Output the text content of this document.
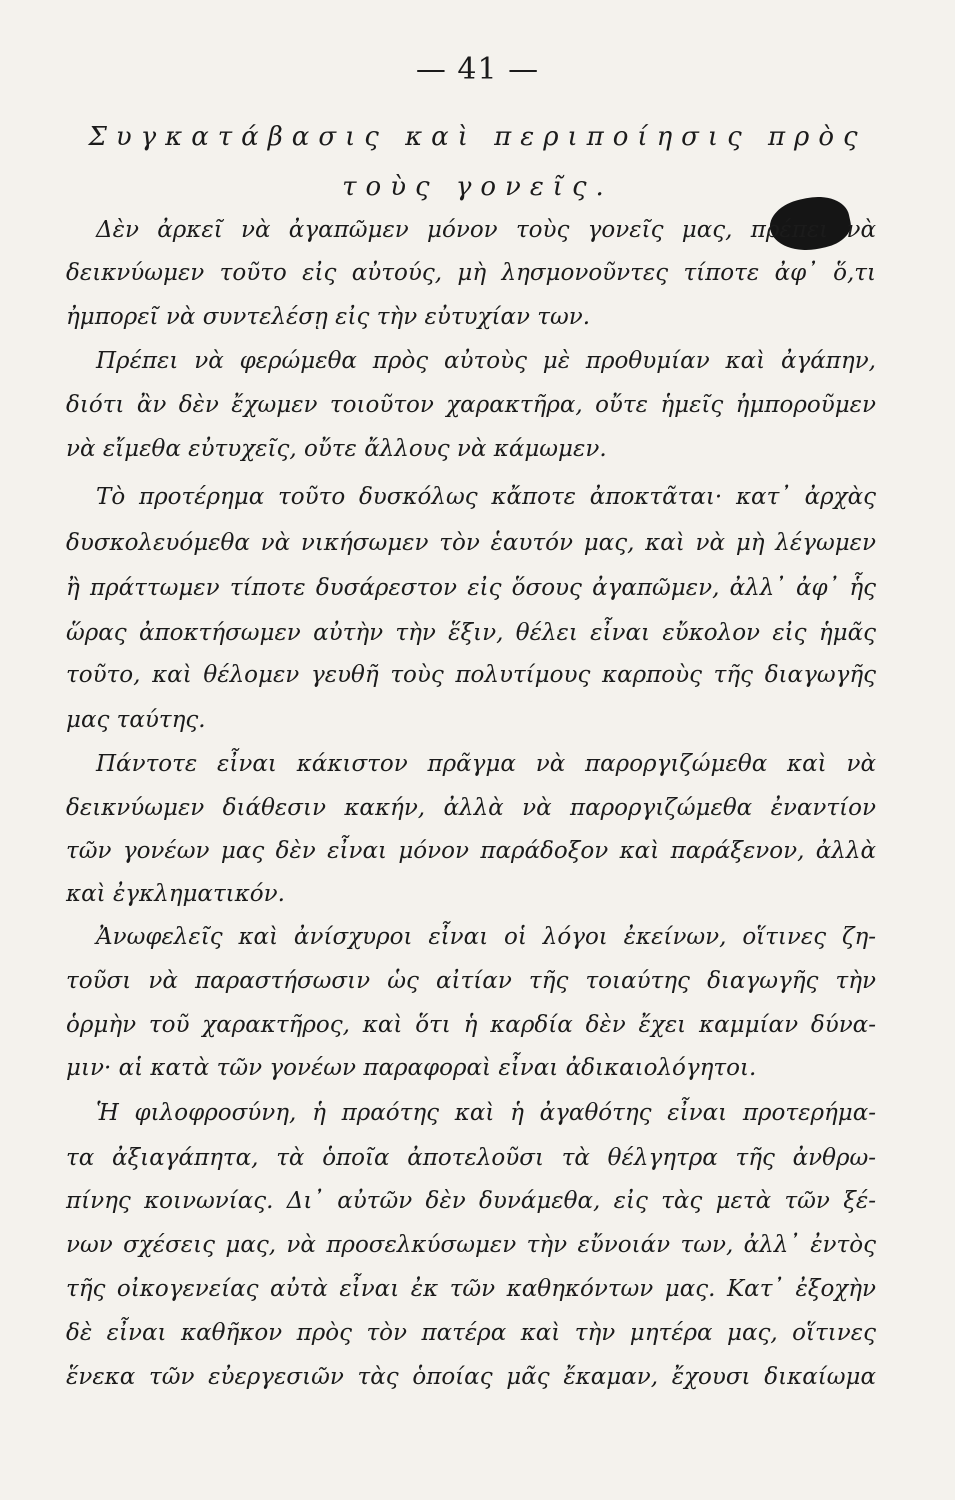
— 41 —
Συγκατάβασις καὶ περιποίησις πρὸς τοὺς γονεῖς.
Δὲν ἀρκεῖ νὰ ἀγαπῶμεν μόνον τοὺς γονεῖς μας, πρέπει νὰ
δεικνύωμεν τοῦτο εἰς αὐτούς, μὴ λησμονοῦντες τίποτε ἀφ᾽ ὅ,τι
ἠμπορεῖ νὰ συντελέσῃ εἰς τὴν εὐτυχίαν των.
Πρέπει νὰ φερώμεθα πρὸς αὐτοὺς μὲ προθυμίαν καὶ ἀγάπην,
διότι ἂν δὲν ἔχωμεν τοιοῦτον χαρακτῆρα, οὔτε ἡμεῖς ἠμποροῦμεν
νὰ εἴμεθα εὐτυχεῖς, οὔτε ἄλλους νὰ κάμωμεν.
Τὸ προτέρημα τοῦτο δυσκόλως κἄποτε ἀποκτᾶται· κατ᾽ ἀρχὰς
δυσκολευόμεθα νὰ νικήσωμεν τὸν ἑαυτόν μας, καὶ νὰ μὴ λέγωμεν
ἢ πράττωμεν τίποτε δυσάρεστον εἰς ὅσους ἀγαπῶμεν, ἀλλ᾽ ἀφ᾽ ἧς
ὥρας ἀποκτήσωμεν αὐτὴν τὴν ἕξιν, θέλει εἶναι εὔκολον εἰς ἡμᾶς
τοῦτο, καὶ θέλομεν γευθῆ τοὺς πολυτίμους καρποὺς τῆς διαγωγῆς
μας ταύτης.
Πάντοτε εἶναι κάκιστον πρᾶγμα νὰ παροργιζώμεθα καὶ νὰ
δεικνύωμεν διάθεσιν κακήν, ἀλλὰ νὰ παροργιζώμεθα ἐναντίον
τῶν γονέων μας δὲν εἶναι μόνον παράδοξον καὶ παράξενον, ἀλλὰ
καὶ ἐγκληματικόν.
Ἀνωφελεῖς καὶ ἀνίσχυροι εἶναι οἱ λόγοι ἐκείνων, οἵτινες ζη-
τοῦσι νὰ παραστήσωσιν ὡς αἰτίαν τῆς τοιαύτης διαγωγῆς τὴν
ὁρμὴν τοῦ χαρακτῆρος, καὶ ὅτι ἡ καρδία δὲν ἔχει καμμίαν δύνα-
μιν· αἱ κατὰ τῶν γονέων παραφοραὶ εἶναι ἀδικαιολόγητοι.
Ἡ φιλοφροσύνη, ἡ πραότης καὶ ἡ ἀγαθότης εἶναι προτερήμα-
τα ἀξιαγάπητα, τὰ ὁποῖα ἀποτελοῦσι τὰ θέλγητρα τῆς ἀνθρω-
πίνης κοινωνίας. Δι᾽ αὐτῶν δὲν δυνάμεθα, εἰς τὰς μετὰ τῶν ξέ-
νων σχέσεις μας, νὰ προσελκύσωμεν τὴν εὔνοιάν των, ἀλλ᾽ ἐντὸς
τῆς οἰκογενείας αὐτὰ εἶναι ἐκ τῶν καθηκόντων μας. Κατ᾽ ἐξοχὴν
δὲ εἶναι καθῆκον πρὸς τὸν πατέρα καὶ τὴν μητέρα μας, οἵτινες
ἕνεκα τῶν εὐεργεσιῶν τὰς ὁποίας μᾶς ἔκαμαν, ἔχουσι δικαίωμα
